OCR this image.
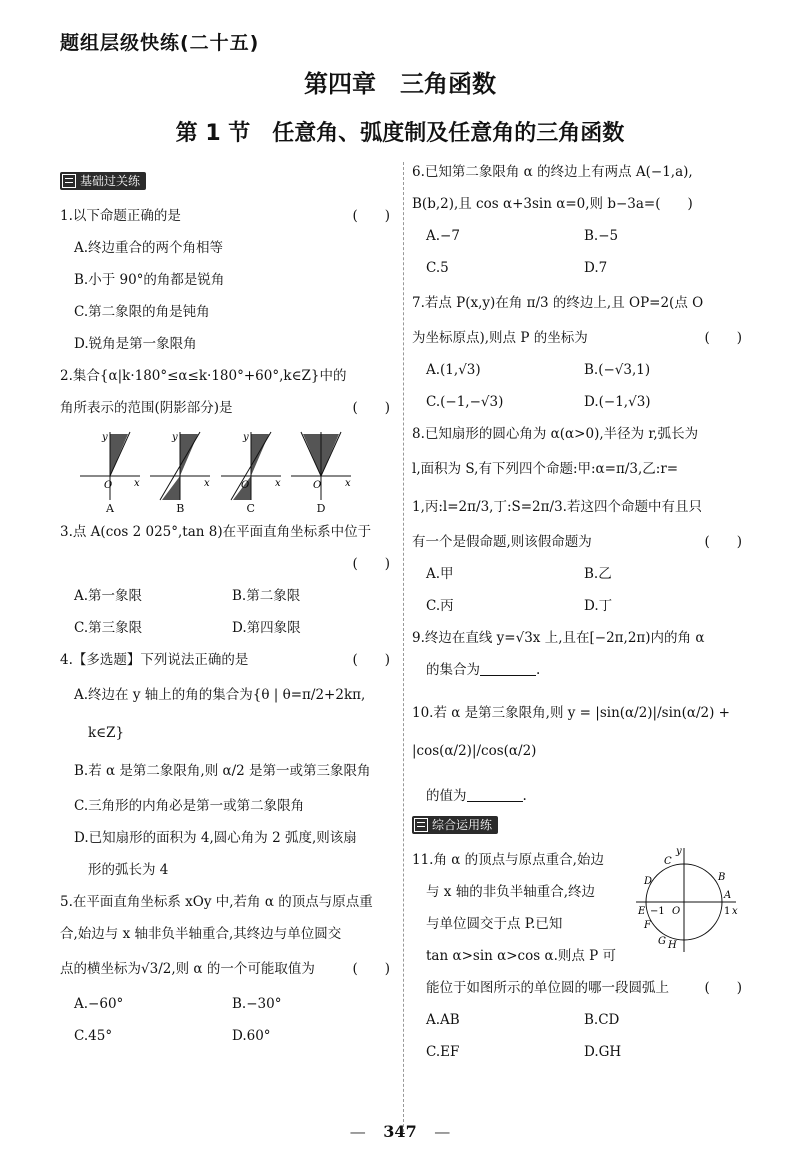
题组层级快练(二十五)
第四章　三角函数
第 1 节　任意角、弧度制及任意角的三角函数
基础过关练
1.以下命题正确的是	(　　)
A.终边重合的两个角相等
B.小于 90°的角都是锐角
C.第二象限的角是钝角
D.锐角是第一象限角
2.集合{α|k·180°≤α≤k·180°+60°,k∈Z}中的
角所表示的范围(阴影部分)是	(　　)
O
y
x
A
y
x
B
O
y
x
C
O x
D
3.点 A(cos 2 025°,tan 8)在平面直角坐标系中位于
(　　)
A.第一象限	B.第二象限
C.第三象限	D.第四象限
4.【多选题】下列说法正确的是	(　　)
A.终边在 y 轴上的角的集合为{θ | θ=π/2+2kπ,
k∈Z}
B.若 α 是第二象限角,则 α/2 是第一或第三象限角
C.三角形的内角必是第一或第二象限角
D.已知扇形的面积为 4,圆心角为 2 弧度,则该扇
形的弧长为 4
5.在平面直角坐标系 xOy 中,若角 α 的顶点与原点重
合,始边与 x 轴非负半轴重合,其终边与单位圆交
点的横坐标为√3/2,则 α 的一个可能取值为	(　　)
A.−60°	B.−30°
C.45°	D.60°
6.已知第二象限角 α 的终边上有两点 A(−1,a),
B(b,2),且 cos α+3sin α=0,则 b−3a=(　　)
A.−7	B.−5
C.5	D.7
7.若点 P(x,y)在角 π/3 的终边上,且 OP=2(点 O
为坐标原点),则点 P 的坐标为	(　　)
A.(1,√3)	B.(−√3,1)
C.(−1,−√3)	D.(−1,√3)
8.已知扇形的圆心角为 α(α>0),半径为 r,弧长为
l,面积为 S,有下列四个命题:甲:α=π/3,乙:r=
1,丙:l=2π/3,丁:S=2π/3.若这四个命题中有且只
有一个是假命题,则该假命题为	(　　)
A.甲	B.乙
C.丙	D.丁
9.终边在直线 y=√3x 上,且在[−2π,2π)内的角 α
的集合为	.
10.若 α 是第三象限角,则 y = |sin(α/2)|/sin(α/2) + |cos(α/2)|/cos(α/2)
的值为	.
综合运用练
11.角 α 的顶点与原点重合,始边
与 x 轴的非负半轴重合,终边
与单位圆交于点 P.已知
tan α>sin α>cos α.则点 P 可
能位于如图所示的单位圆的哪一段圆弧上	(　　)
A.AB	B.CD
C.EF	D.GH
C
B
D
A
E −1 O	1
F
G H
x
y
— 347 —
